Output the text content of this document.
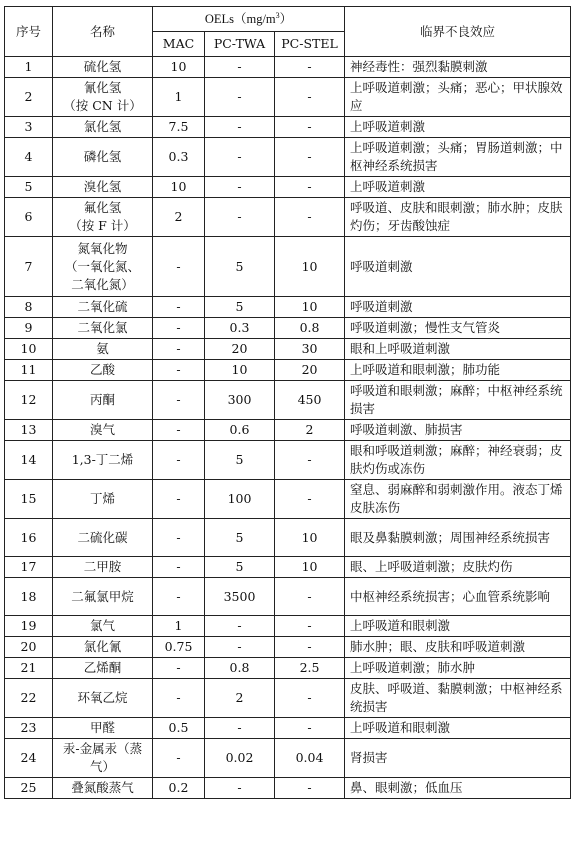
序号	名称	$OELs(mg/m^3)$			临界不良效应
		MAC	PC-TWA	PC-STEL	
1	硫化氢	10	-	-	神经毒性：强烈黏膜刺激
2	氰化氢
（按 CN 计）	1	-	-	上呼吸道刺激；头痛；恶心；甲状腺效应
3	氯化氢	7.5	-	-	上呼吸道刺激
4	磷化氢	0.3	-	-	上呼吸道刺激；头痛；胃肠道刺激；中枢神经系统损害
5	溴化氢	10	-	-	上呼吸道刺激
6	氟化氢
（按 F 计）	2	-	-	呼吸道、皮肤和眼刺激；肺水肿；皮肤灼伤；牙齿酸蚀症
7	氮氧化物
（一氧化氮、
二氧化氮）	-	5	10	呼吸道刺激
8	二氧化硫	-	5	10	呼吸道刺激
9	二氧化氯	-	0.3	0.8	呼吸道刺激；慢性支气管炎
10	氨	-	20	30	眼和上呼吸道刺激
11	乙酸	-	10	20	上呼吸道和眼刺激；肺功能
12	丙酮	-	300	450	呼吸道和眼刺激；麻醉；中枢神经系统损害
13	溴气	-	0.6	2	呼吸道刺激、肺损害
14	1,3-丁二烯	-	5	-	眼和呼吸道刺激；麻醉；神经衰弱；皮肤灼伤或冻伤
15	丁烯	-	100	-	窒息、弱麻醉和弱刺激作用。液态丁烯皮肤冻伤
16	二硫化碳	-	5	10	眼及鼻黏膜刺激；周围神经系统损害
17	二甲胺	-	5	10	眼、上呼吸道刺激；皮肤灼伤
18	二氟氯甲烷	-	3500	-	中枢神经系统损害；心血管系统影响
19	氯气	1	-	-	上呼吸道和眼刺激
20	氯化氰	0.75	-	-	肺水肿；眼、皮肤和呼吸道刺激
21	乙烯酮	-	0.8	2.5	上呼吸道刺激；肺水肿
22	环氧乙烷	-	2	-	皮肤、呼吸道、黏膜刺激；中枢神经系统损害
23	甲醛	0.5	-	-	上呼吸道和眼刺激
24	汞-金属汞（蒸气）	-	0.02	0.04	肾损害
25	叠氮酸蒸气	0.2	-	-	鼻、眼刺激；低血压
